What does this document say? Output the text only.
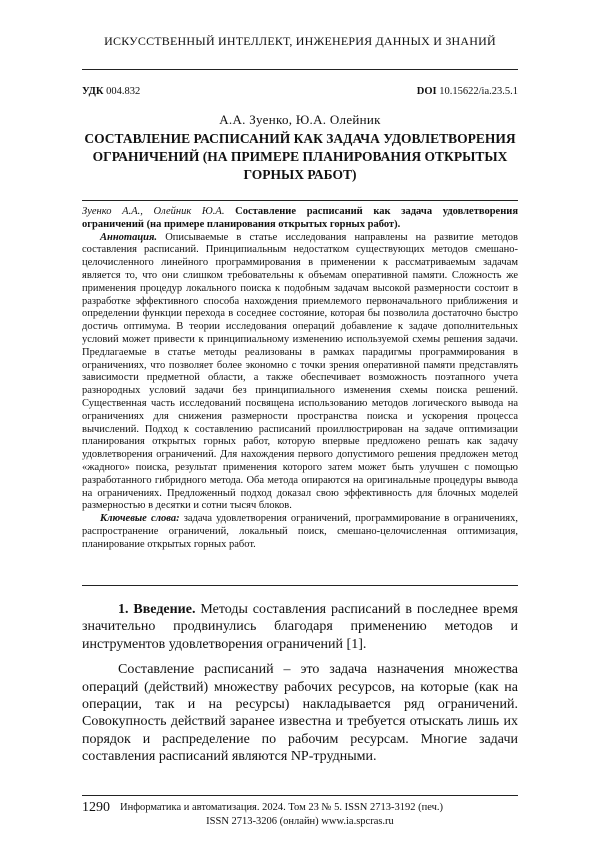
ИСКУССТВЕННЫЙ ИНТЕЛЛЕКТ, ИНЖЕНЕРИЯ ДАННЫХ И ЗНАНИЙ
УДК 004.832	DOI 10.15622/ia.23.5.1
А.А. Зуенко, Ю.А. Олейник
СОСТАВЛЕНИЕ РАСПИСАНИЙ КАК ЗАДАЧА УДОВЛЕТВОРЕНИЯ ОГРАНИЧЕНИЙ (НА ПРИМЕРЕ ПЛАНИРОВАНИЯ ОТКРЫТЫХ ГОРНЫХ РАБОТ)

Зуенко А.А., Олейник Ю.А. Составление расписаний как задача удовлетворения ограничений (на примере планирования открытых горных работ).

Аннотация. Описываемые в статье исследования направлены на развитие методов составления расписаний. Принципиальным недостатком существующих методов смешано-целочисленного линейного программирования в применении к рассматриваемым задачам является то, что они слишком требовательны к объемам оперативной памяти. Сложность же применения процедур локального поиска к подобным задачам высокой размерности состоит в разработке эффективного способа нахождения приемлемого первоначального приближения и определении функции перехода в соседнее состояние, которая бы позволила достаточно быстро достичь оптимума. В теории исследования операций добавление к задаче дополнительных условий может привести к принципиальному изменению используемой схемы решения задачи. Предлагаемые в статье методы реализованы в рамках парадигмы программирования в ограничениях, что позволяет более экономно с точки зрения оперативной памяти представлять зависимости предметной области, а также обеспечивает возможность поэтапного учета разнородных условий задачи без принципиального изменения схемы поиска решений. Существенная часть исследований посвящена использованию методов логического вывода на ограничениях для снижения размерности пространства поиска и ускорения процесса вычислений. Подход к составлению расписаний проиллюстрирован на задаче оптимизации планирования открытых горных работ, которую впервые предложено решать как задачу удовлетворения ограничений. Для нахождения первого допустимого решения предложен метод «жадного» поиска, результат применения которого затем может быть улучшен с помощью разработанного гибридного метода. Оба метода опираются на оригинальные процедуры вывода на ограничениях. Предложенный подход доказал свою эффективность для блочных моделей размерностью в десятки и сотни тысяч блоков.

Ключевые слова: задача удовлетворения ограничений, программирование в ограничениях, распространение ограничений, локальный поиск, смешано-целочисленная оптимизация, планирование открытых горных работ.

1. Введение. Методы составления расписаний в последнее время значительно продвинулись благодаря применению методов и инструментов удовлетворения ограничений [1].

Составление расписаний – это задача назначения множества операций (действий) множеству рабочих ресурсов, на которые (как на операции, так и на ресурсы) накладывается ряд ограничений. Совокупность действий заранее известна и требуется отыскать лишь их порядок и распределение по рабочим ресурсам. Многие задачи составления расписаний являются NP-трудными.

1290 Информатика и автоматизация. 2024. Том 23 № 5. ISSN 2713-3192 (печ.)
ISSN 2713-3206 (онлайн) www.ia.spcras.ru
